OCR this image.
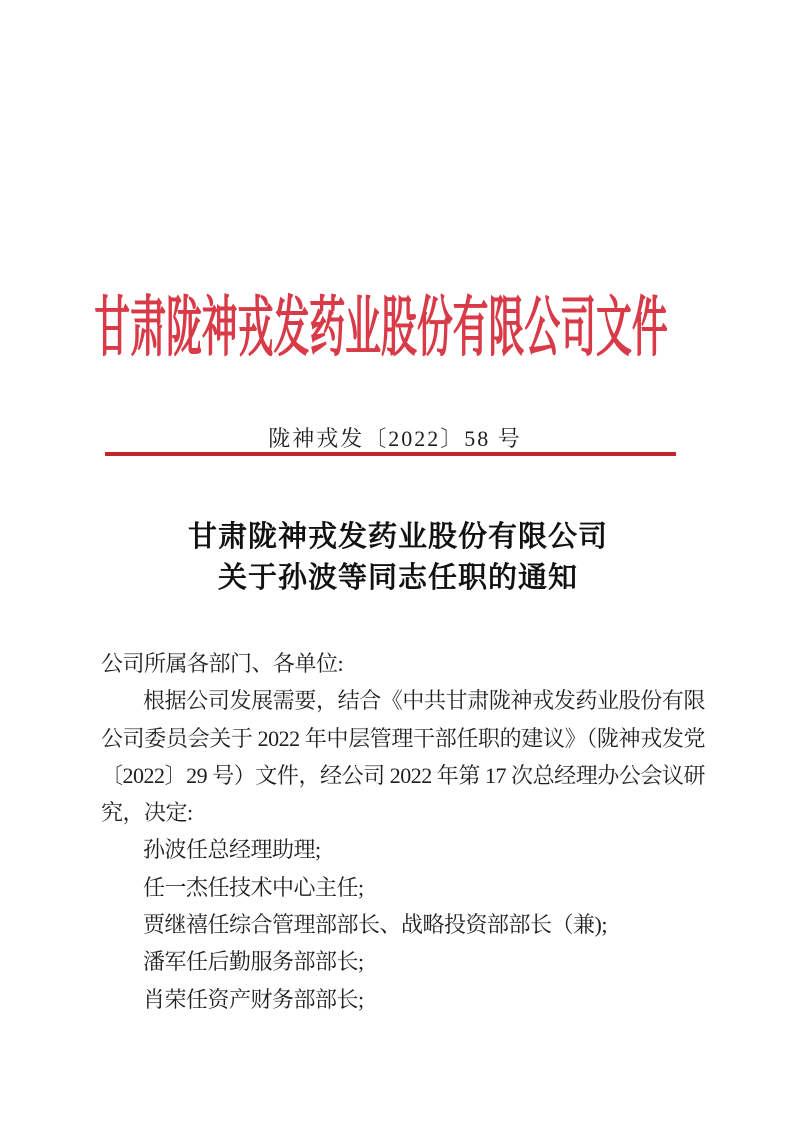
甘肃陇神戎发药业股份有限公司文件
陇神戎发〔2022〕58 号
甘肃陇神戎发药业股份有限公司
关于孙波等同志任职的通知
公司所属各部门、各单位:
根据公司发展需要，结合《中共甘肃陇神戎发药业股份有限
公司委员会关于 2022 年中层管理干部任职的建议》（陇神戎发党
〔2022〕29 号）文件，经公司 2022 年第 17 次总经理办公会议研
究，决定:
孙波任总经理助理;
任一杰任技术中心主任;
贾继禧任综合管理部部长、战略投资部部长（兼);
潘军任后勤服务部部长;
肖荣任资产财务部部长;
